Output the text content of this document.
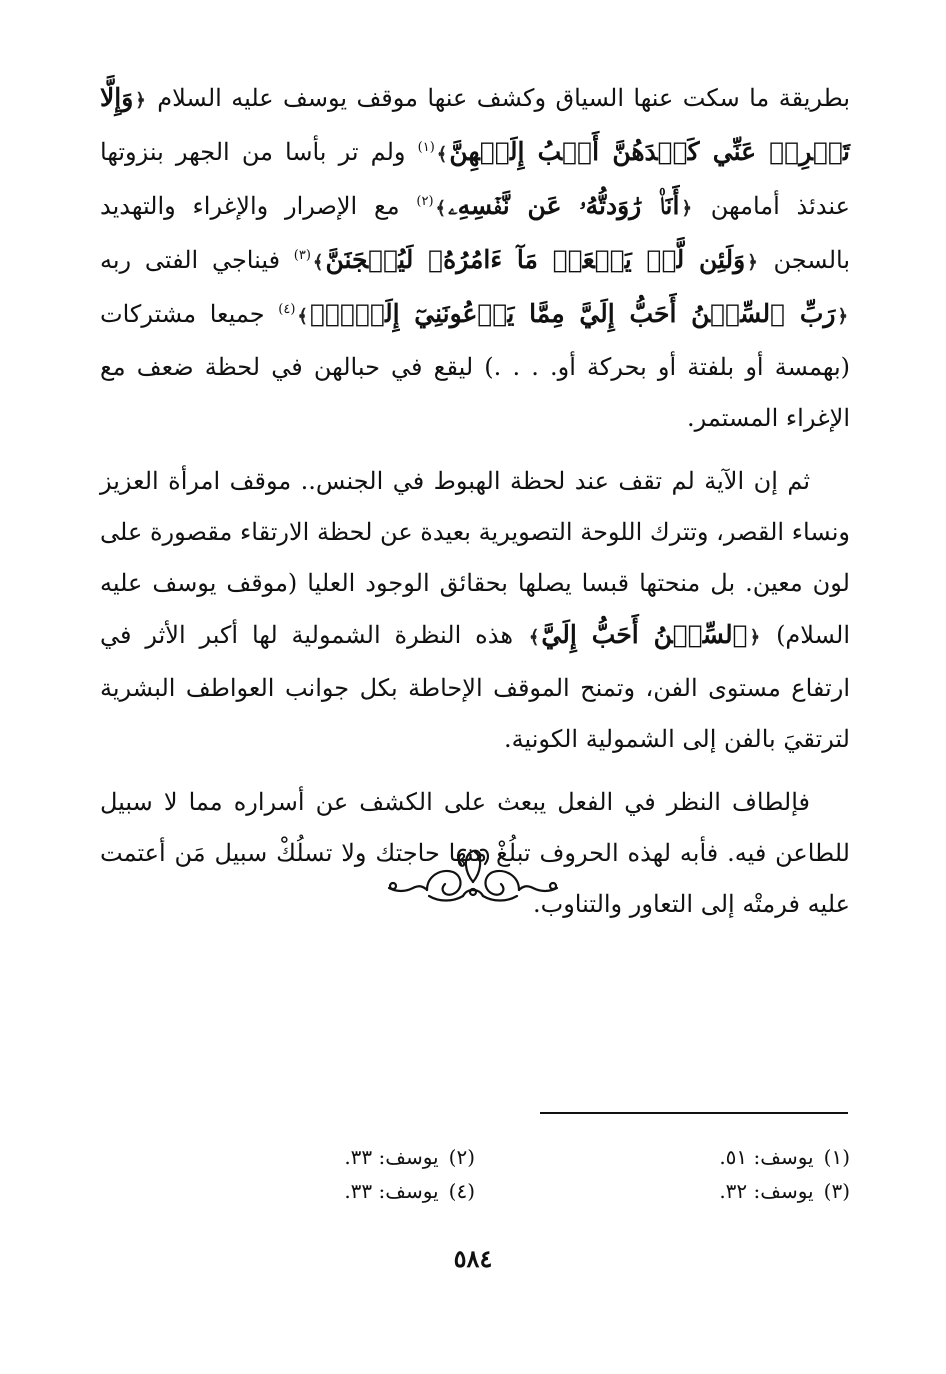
بطريقة ما سكت عنها السياق وكشف عنها موقف يوسف عليه السلام ﴿وَإِلَّا تَصۡرِفۡ عَنِّي كَيۡدَهُنَّ أَصۡبُ إِلَيۡهِنَّ﴾$^{(١)}$ ولم تر بأسا من الجهر بنزوتها عندئذ أمامهن ﴿أَنَا۠ رَٰوَدتُّهُۥ عَن نَّفۡسِهِۦ﴾$^{(٢)}$ مع الإصرار والإغراء والتهديد بالسجن ﴿وَلَئِن لَّمۡ يَفۡعَلۡ مَآ ءَامُرُهُۥ لَيُسۡجَنَنَّ﴾$^{(٣)}$ فيناجي الفتى ربه ﴿رَبِّ ٱلسِّجۡنُ أَحَبُّ إِلَيَّ مِمَّا يَدۡعُونَنِيٓ إِلَيۡهِۖ﴾$^{(٤)}$ جميعا مشتركات (بهمسة أو بلفتة أو بحركة أو. . . .) ليقع في حبالهن في لحظة ضعف مع الإغراء المستمر.

ثم إن الآية لم تقف عند لحظة الهبوط في الجنس.. موقف امرأة العزيز ونساء القصر، وتترك اللوحة التصويرية بعيدة عن لحظة الارتقاء مقصورة على لون معين. بل منحتها قبسا يصلها بحقائق الوجود العليا (موقف يوسف عليه السلام) ﴿ٱلسِّجۡنُ أَحَبُّ إِلَيَّ﴾ هذه النظرة الشمولية لها أكبر الأثر في ارتفاع مستوى الفن، وتمنح الموقف الإحاطة بكل جوانب العواطف البشرية لترتقيَ بالفن إلى الشمولية الكونية.

فإلطاف النظر في الفعل يبعث على الكشف عن أسراره مما لا سبيل للطاعن فيه. فأبه لهذه الحروف تبلُغْ منها حاجتك ولا تسلُكْ سبيل مَن أعتمت عليه فرمتْه إلى التعاور والتناوب.

(١)يوسف: ٥١.
(٢)يوسف: ٣٣.
(٣)يوسف: ٣٢.
(٤)يوسف: ٣٣.
٥٨٤
